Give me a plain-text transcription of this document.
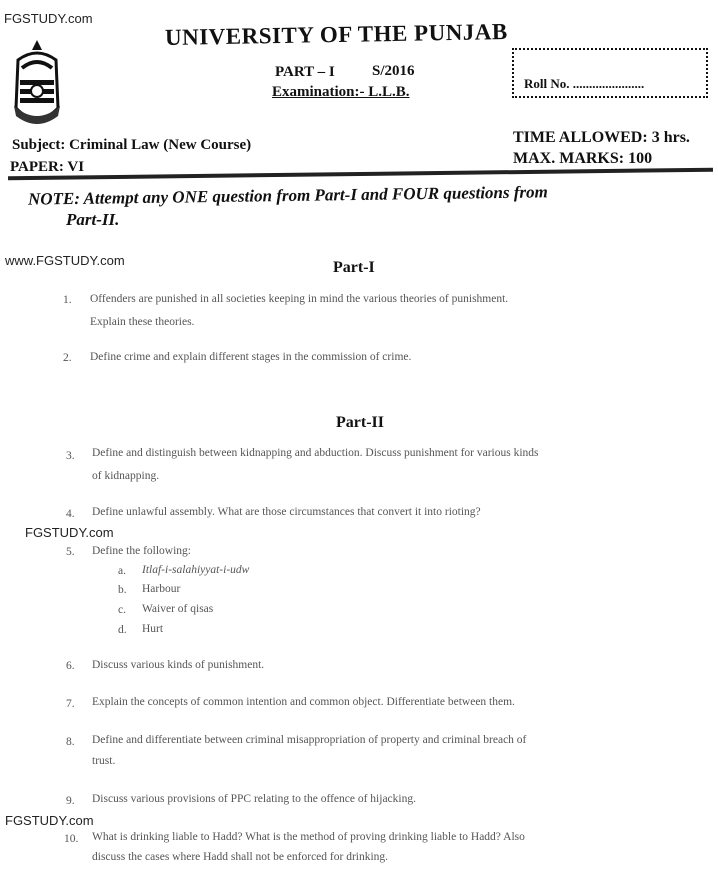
FGSTUDY.com
UNIVERSITY OF THE PUNJAB
PART – I S/2016
Examination:- L.L.B.
Roll No. ......................
Subject: Criminal Law (New Course)
PAPER: VI
TIME ALLOWED: 3 hrs.
MAX. MARKS: 100
NOTE: Attempt any ONE question from Part-I and FOUR questions from
Part-II.
www.FGSTUDY.com	Part-I
1. Offenders are punished in all societies keeping in mind the various theories of punishment.
Explain these theories.
2. Define crime and explain different stages in the commission of crime.
Part-II
3. Define and distinguish between kidnapping and abduction. Discuss punishment for various kinds
of kidnapping.
4. Define unlawful assembly. What are those circumstances that convert it into rioting?
FGSTUDY.com
5. Define the following:
a. Itlaf-i-salahiyyat-i-udw
b. Harbour
c. Waiver of qisas
d. Hurt
6. Discuss various kinds of punishment.
7. Explain the concepts of common intention and common object. Differentiate between them.
8. Define and differentiate between criminal misappropriation of property and criminal breach of
trust.
9. Discuss various provisions of PPC relating to the offence of hijacking.
FGSTUDY.com
10. What is drinking liable to Hadd? What is the method of proving drinking liable to Hadd? Also
discuss the cases where Hadd shall not be enforced for drinking.
